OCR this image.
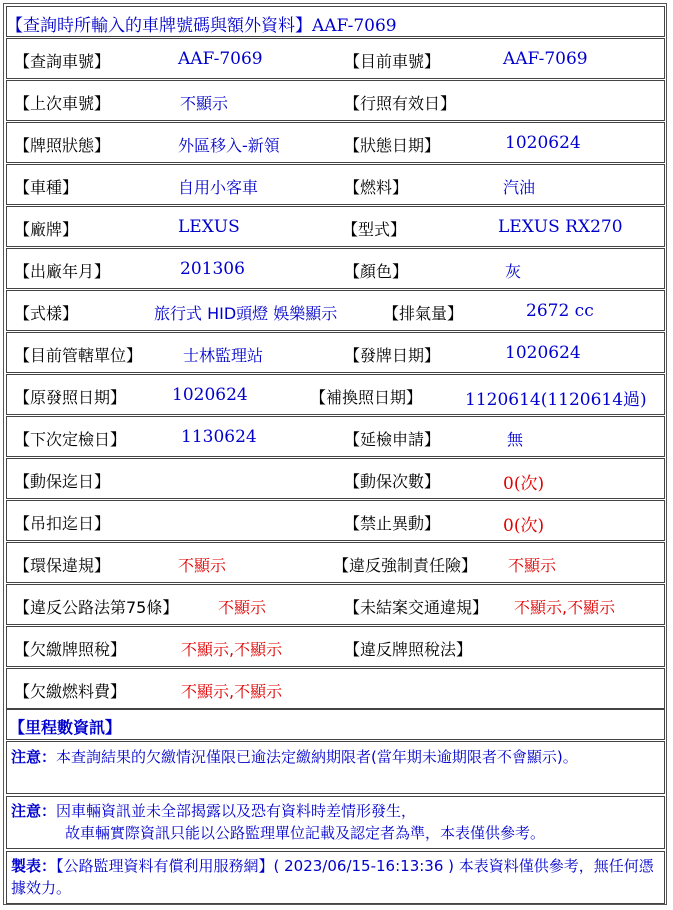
【查詢時所輸入的車牌號碼與額外資料】AAF-7069
【查詢車號】	AAF-7069	【目前車號】	AAF-7069
【上次車號】	不顯示	【行照有效日】
【牌照狀態】	外區移入-新領	【狀態日期】	1020624
【車種】	自用小客車	【燃料】	汽油
【廠牌】	LEXUS	【型式】	LEXUS RX270
【出廠年月】	201306	【顏色】	灰
【式樣】	旅行式 HID頭燈 娛樂顯示	【排氣量】	2672 cc
【目前管轄單位】	士林監理站	【發牌日期】	1020624
【原發照日期】	1020624	【補換照日期】	1120614(1120614過)
【下次定檢日】	1130624	【延檢申請】	無
【動保迄日】	【動保次數】	0(次)
【吊扣迄日】	【禁止異動】	0(次)
【環保違規】	不顯示	【違反強制責任險】 不顯示
【違反公路法第75條】 不顯示	【未結案交通違規】 不顯示,不顯示
【欠繳牌照稅】	不顯示,不顯示	【違反牌照稅法】
【欠繳燃料費】	不顯示,不顯示
【里程數資訊】
注意：本查詢結果的欠繳情況僅限已逾法定繳納期限者(當年期未逾期限者不會顯示)。
注意：因車輛資訊並未全部揭露以及恐有資料時差情形發生，
故車輛實際資訊只能以公路監理單位記載及認定者為準，本表僅供參考。
製表：【公路監理資料有償利用服務網】( 2023/06/15-16:13:36 ) 本表資料僅供參考，無任何憑據效力。
